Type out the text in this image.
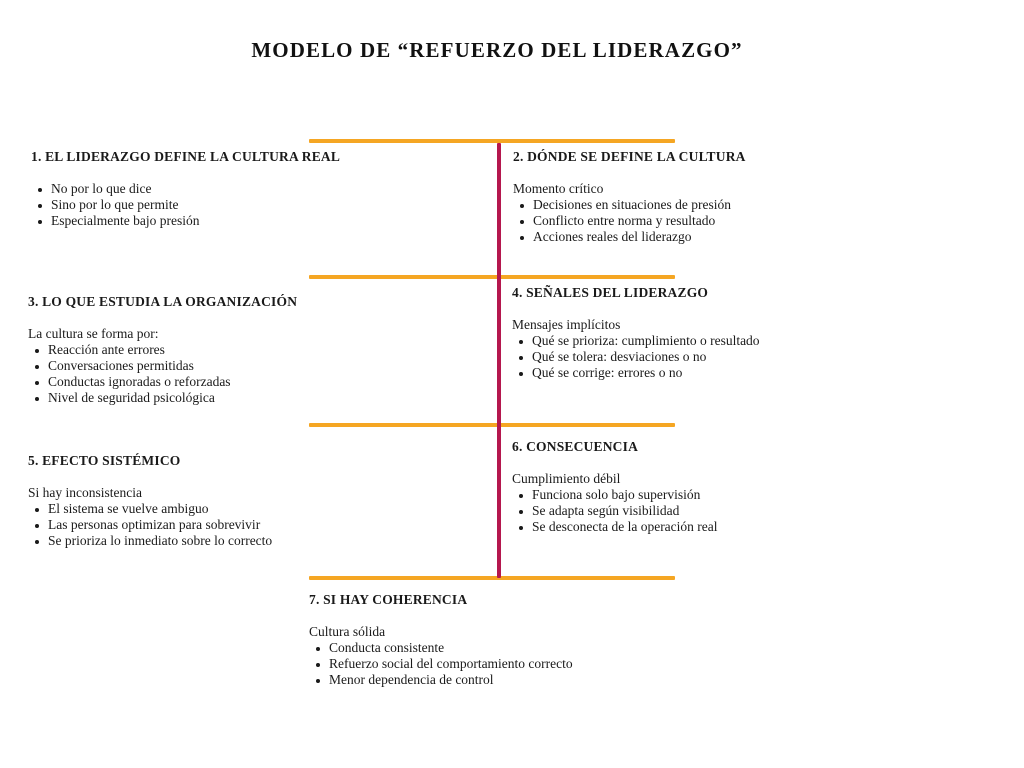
MODELO DE “REFUERZO DEL LIDERAZGO”
1. EL LIDERAZGO DEFINE LA CULTURA REAL
No por lo que dice
Sino por lo que permite
Especialmente bajo presión
2. DÓNDE SE DEFINE LA CULTURA

Momento crítico

Decisiones en situaciones de presión
Conflicto entre norma y resultado
Acciones reales del liderazgo
3. LO QUE ESTUDIA LA ORGANIZACIÓN

La cultura se forma por:

Reacción ante errores
Conversaciones permitidas
Conductas ignoradas o reforzadas
Nivel de seguridad psicológica
4. SEÑALES DEL LIDERAZGO

Mensajes implícitos

Qué se prioriza: cumplimiento o resultado
Qué se tolera: desviaciones o no
Qué se corrige: errores o no
5. EFECTO SISTÉMICO

Si hay inconsistencia

El sistema se vuelve ambiguo
Las personas optimizan para sobrevivir
Se prioriza lo inmediato sobre lo correcto
6. CONSECUENCIA

Cumplimiento débil

Funciona solo bajo supervisión
Se adapta según visibilidad
Se desconecta de la operación real
7. SI HAY COHERENCIA

Cultura sólida

Conducta consistente
Refuerzo social del comportamiento correcto
Menor dependencia de control
